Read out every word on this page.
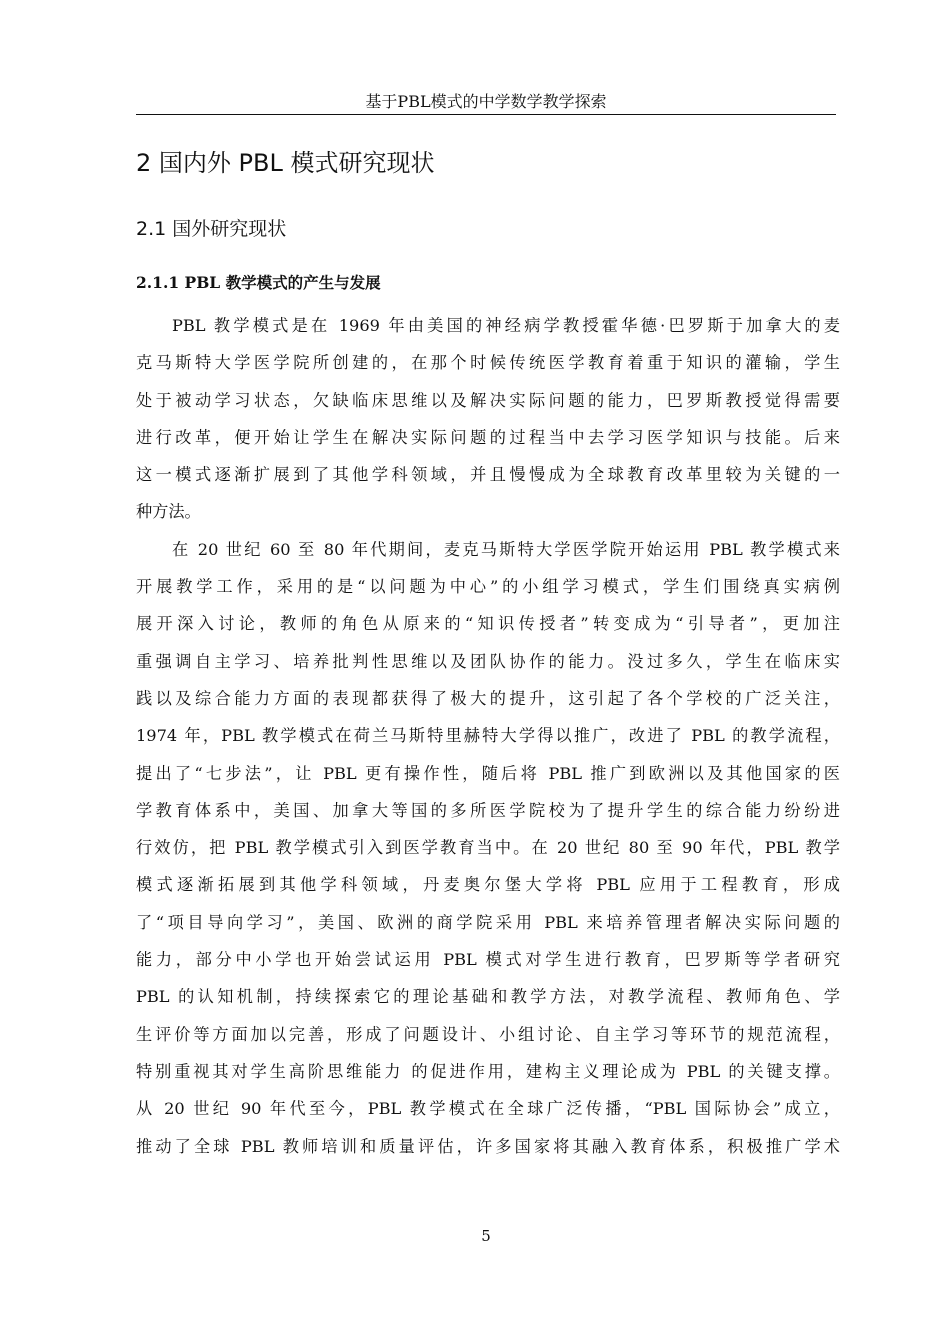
基于PBL模式的中学数学教学探索
2 国内外 PBL 模式研究现状
2.1 国外研究现状
2.1.1 PBL 教学模式的产生与发展
PBL 教学模式是在 1969 年由美国的神经病学教授霍华德·巴罗斯于加拿大的麦
克马斯特大学医学院所创建的，在那个时候传统医学教育着重于知识的灌输，学生
处于被动学习状态，欠缺临床思维以及解决实际问题的能力，巴罗斯教授觉得需要
进行改革，便开始让学生在解决实际问题的过程当中去学习医学知识与技能。后来
这一模式逐渐扩展到了其他学科领域，并且慢慢成为全球教育改革里较为关键的一
种方法。
在 20 世纪 60 至 80 年代期间，麦克马斯特大学医学院开始运用 PBL 教学模式来
开展教学工作，采用的是“以问题为中心”的小组学习模式，学生们围绕真实病例
展开深入讨论，教师的角色从原来的“知识传授者”转变成为“引导者”，更加注
重强调自主学习、培养批判性思维以及团队协作的能力。没过多久，学生在临床实
践以及综合能力方面的表现都获得了极大的提升，这引起了各个学校的广泛关注，
1974 年，PBL 教学模式在荷兰马斯特里赫特大学得以推广，改进了 PBL 的教学流程，
提出了“七步法”，让 PBL 更有操作性，随后将 PBL 推广到欧洲以及其他国家的医
学教育体系中，美国、加拿大等国的多所医学院校为了提升学生的综合能力纷纷进
行效仿，把 PBL 教学模式引入到医学教育当中。在 20 世纪 80 至 90 年代，PBL 教学
模式逐渐拓展到其他学科领域，丹麦奥尔堡大学将 PBL 应用于工程教育，形成
了“项目导向学习”，美国、欧洲的商学院采用 PBL 来培养管理者解决实际问题的
能力，部分中小学也开始尝试运用 PBL 模式对学生进行教育，巴罗斯等学者研究
PBL 的认知机制，持续探索它的理论基础和教学方法，对教学流程、教师角色、学
生评价等方面加以完善，形成了问题设计、小组讨论、自主学习等环节的规范流程，
特别重视其对学生高阶思维能力 的促进作用，建构主义理论成为 PBL 的关键支撑。
从 20 世纪 90 年代至今，PBL 教学模式在全球广泛传播，“PBL 国际协会”成立，
推动了全球 PBL 教师培训和质量评估，许多国家将其融入教育体系，积极推广学术
5
